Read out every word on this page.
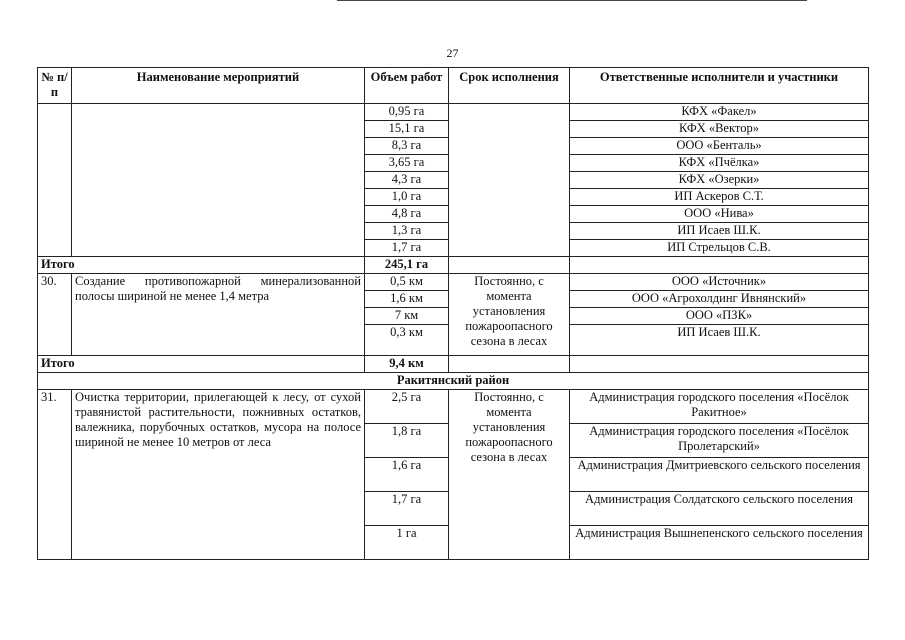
27
№ п/п	Наименование мероприятий	Объем работ	Срок исполнения	Ответственные исполнители и участники
		0,95 га		КФХ «Факел»
		15,1 га		КФХ «Вектор»
		8,3 га		ООО «Бенталь»
		3,65 га		КФХ «Пчёлка»
		4,3 га		КФХ «Озерки»
		1,0 га		ИП Аскеров С.Т.
		4,8 га		ООО «Нива»
		1,3 га		ИП Исаев Ш.К.
		1,7 га		ИП Стрельцов С.В.
Итого		245,1 га		
30.	Создание противопожарной минерализованной полосы шириной не менее 1,4 метра	0,5 км	Постоянно, с момента установления пожароопасного сезона в лесах	ООО «Источник»
		1,6 км		ООО «Агрохолдинг Ивнянский»
		7 км		ООО «ПЗК»
		0,3 км		ИП Исаев Ш.К.
Итого		9,4 км		
Ракитянский район				
31.	Очистка территории, прилегающей к лесу, от сухой травянистой растительности, пожнивных остатков, валежника, порубочных остатков, мусора на полосе шириной не менее 10 метров от леса	2,5 га	Постоянно, с момента установления пожароопасного сезона в лесах	Администрация городского поселения «Посёлок Ракитное»
		1,8 га		Администрация городского поселения «Посёлок Пролетарский»
		1,6 га		Администрация Дмитриевского сельского поселения
		1,7 га		Администрация Солдатского сельского поселения
		1 га		Администрация Вышнепенского сельского поселения
